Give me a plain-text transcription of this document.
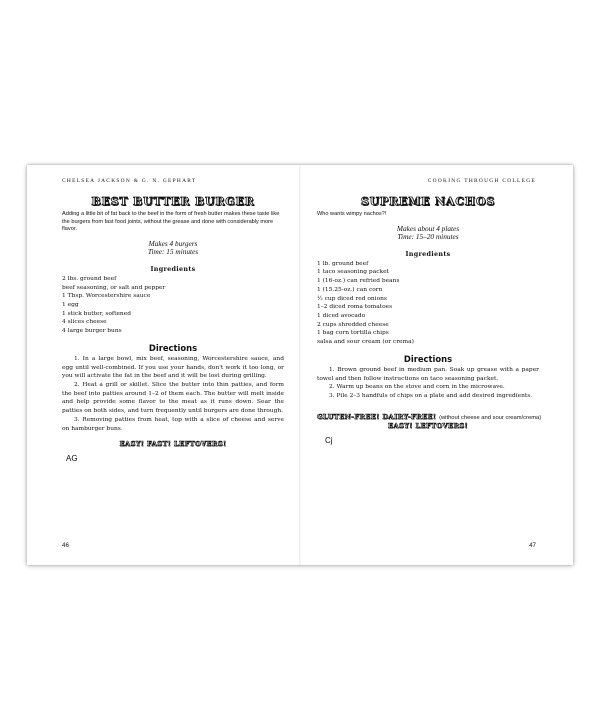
CHELSEA JACKSON & G. N. GEPHART
BEST BUTTER BURGER

Adding a little bit of fat back to the beef in the form of fresh butter makes these taste like the burgers from fast food joints, without the grease and done with considerably more flavor.

Makes 4 burgers

Time: 15 minutes

Ingredients
2 lbs. ground beef
beef seasoning, or salt and pepper
1 Tbsp. Worcestershire sauce
1 egg
1 stick butter, softened
4 slices cheese
4 large burger buns
Directions

1. In a large bowl, mix beef, seasoning, Worcestershire sauce, and egg until well-combined. If you use your hands, don't work it too long, or you will activate the fat in the beef and it will be lost during grilling.

2. Heat a grill or skillet. Slice the butter into thin patties, and form the beef into patties around 1–2 of them each. The butter will melt inside and help provide some flavor to the meat as it runs down. Sear the patties on both sides, and turn frequently until burgers are done through.

3. Removing patties from heat, top with a slice of cheese and serve on hamburger buns.

EASY! FAST! LEFTOVERS!
AG
46
COOKING THROUGH COLLEGE
SUPREME NACHOS

Who wants wimpy nachos?!

Makes about 4 plates

Time: 15–20 minutes

Ingredients
1 lb. ground beef
1 taco seasoning packet
1 (16-oz.) can refried beans
1 (15.25-oz.) can corn
½ cup diced red onions
1–2 diced roma tomatoes
1 diced avocado
2 cups shredded cheese
1 bag corn tortilla chips
salsa and sour cream (or crema)
Directions

1. Brown ground beef in medium pan. Soak up grease with a paper towel and then follow instructions on taco seasoning packet.

2. Warm up beans on the stove and corn in the microwave.

3. Pile 2–3 handfuls of chips on a plate and add desired ingredients.

GLUTEN-FREE! DAIRY-FREE! (without cheese and sour cream/crema)
EASY! LEFTOVERS!
Cj
47
